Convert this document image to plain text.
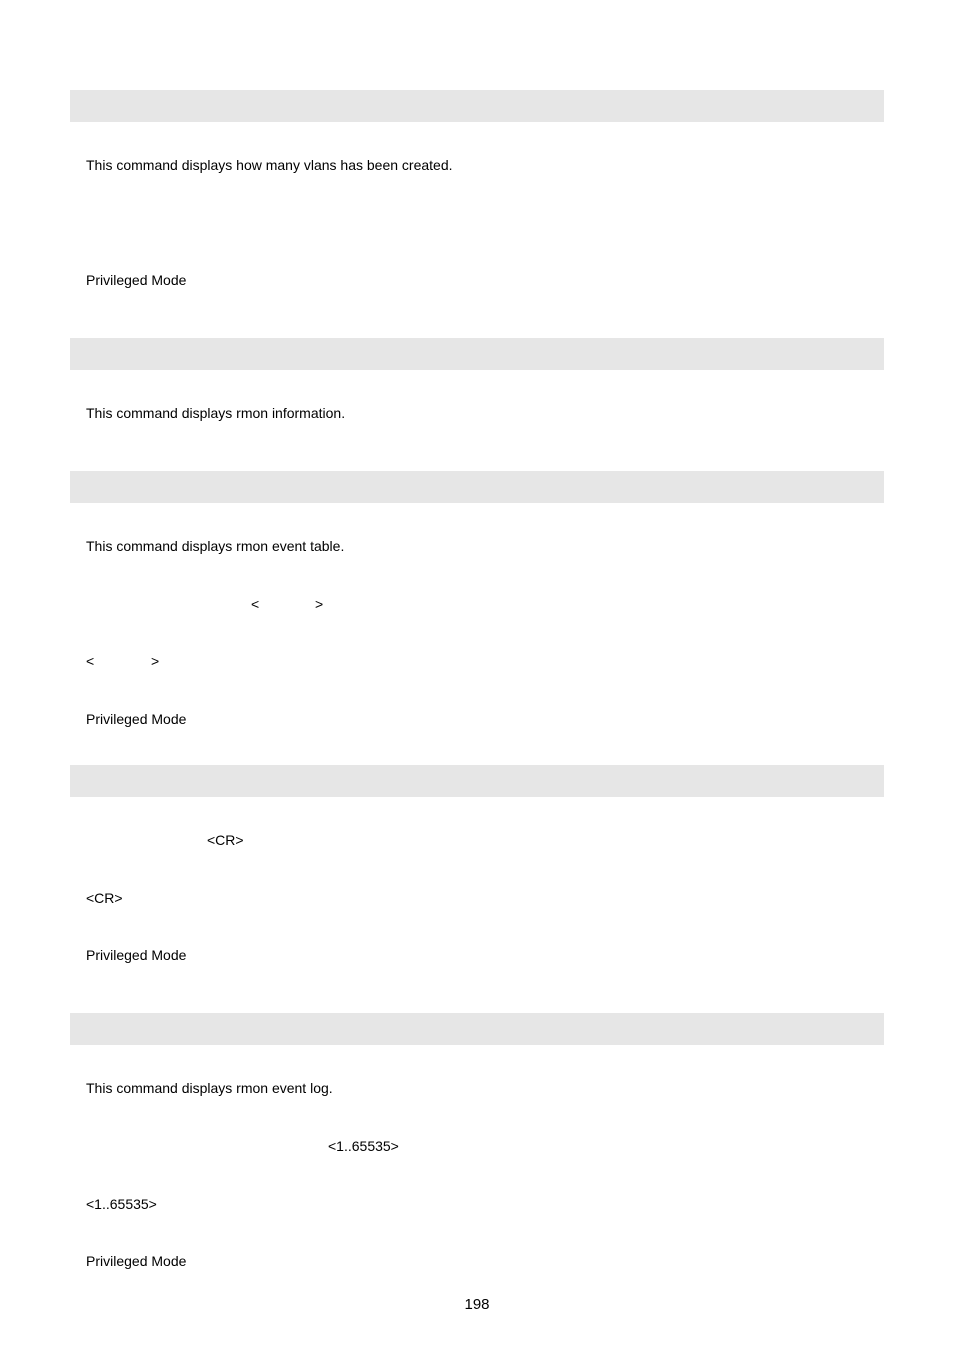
This command displays how many vlans has been created.
Privileged Mode
This command displays rmon information.
This command displays rmon event table.
<	>
<	>
Privileged Mode
<CR>
<CR>
Privileged Mode
This command displays rmon event log.
<1..65535>
<1..65535>
Privileged Mode
198
